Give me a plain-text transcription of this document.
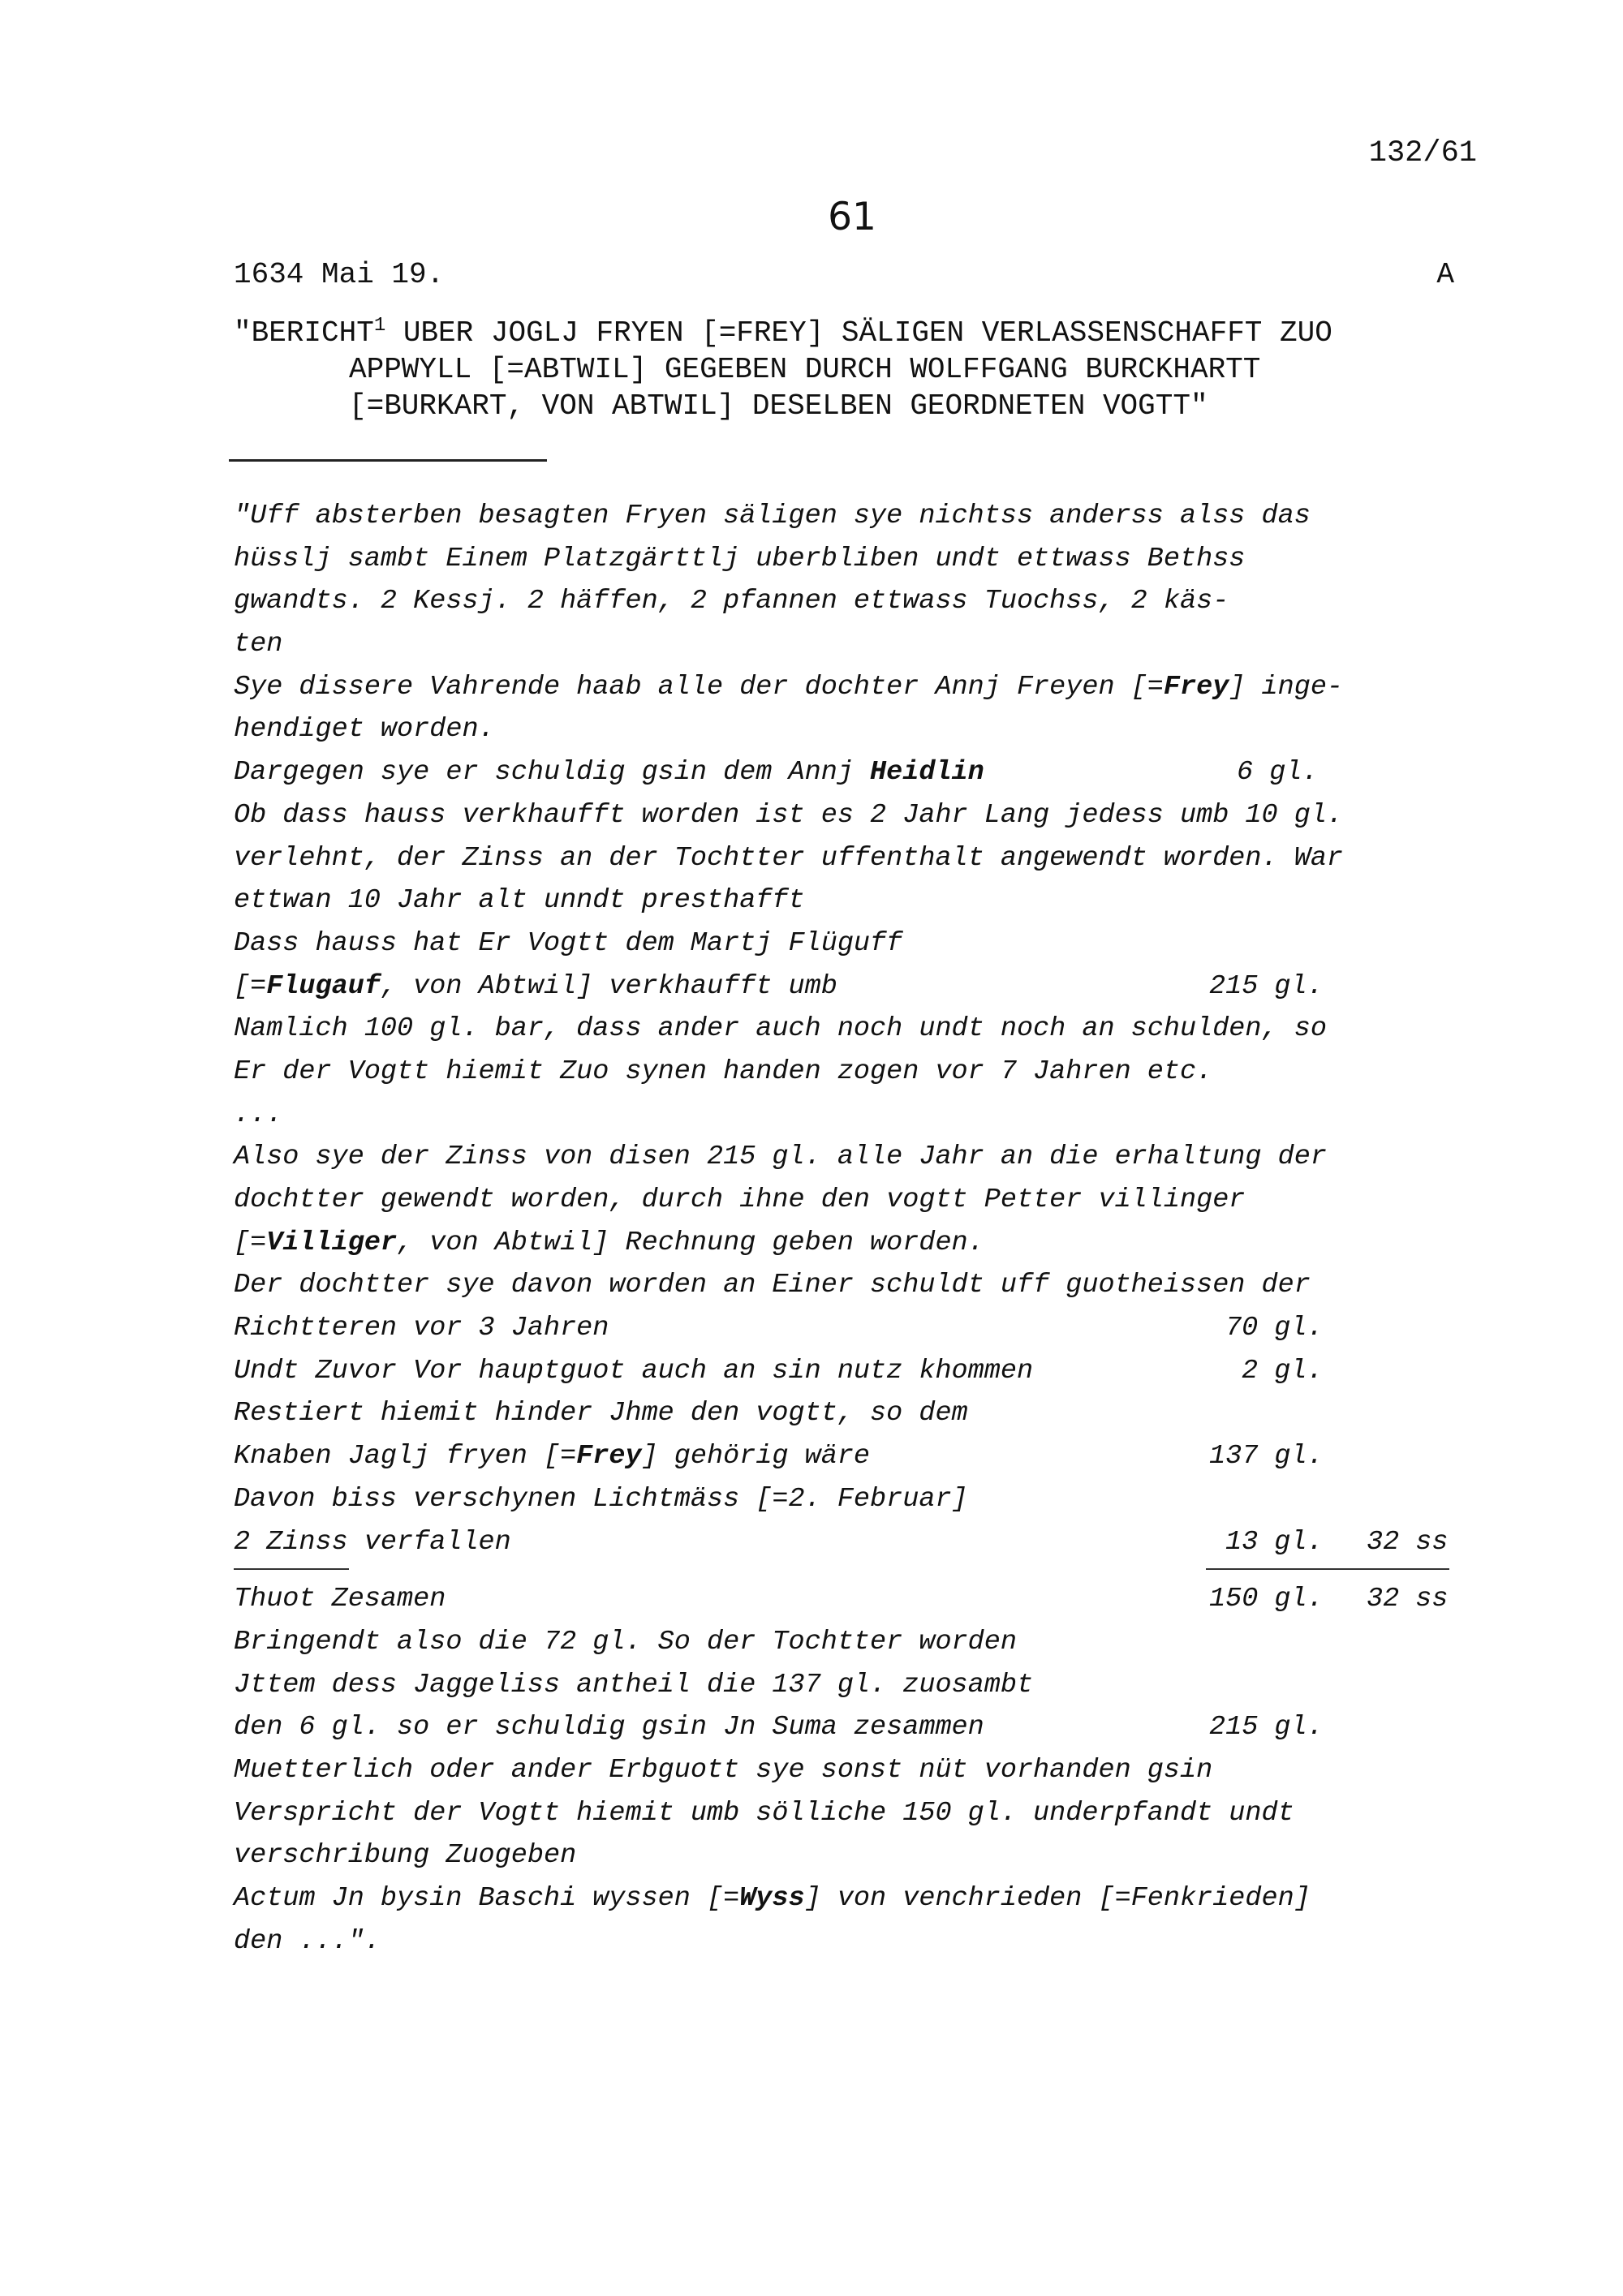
132/61
61
1634 Mai 19.	A
"BERICHT$^1$ UBER JOGLJ FRYEN [=FREY] SÄLIGEN VERLASSENSCHAFFT ZUO
APPWYLL [=ABTWIL] GEGEBEN DURCH WOLFFGANG BURCKHARTT
[=BURKART, VON ABTWIL] DESELBEN GEORDNETEN VOGTT"
"Uff absterben besagten Fryen säligen sye nichtss anderss alss das
hüsslj sambt Einem Platzgärttlj uberbliben undt ettwass Bethss
gwandts. 2 Kessj. 2 häffen, 2 pfannen ettwass Tuochss, 2 käs-
ten
Sye dissere Vahrende haab alle der dochter Annj Freyen [=Frey] inge-
hendiget worden.
Dargegen sye er schuldig gsin dem Annj Heidlin	6 gl.
Ob dass hauss verkhaufft worden ist es 2 Jahr Lang jedess umb 10 gl.
verlehnt, der Zinss an der Tochtter uffenthalt angewendt worden. War
ettwan 10 Jahr alt unndt presthafft
Dass hauss hat Er Vogtt dem Martj Flüguff
[=Flugauf, von Abtwil] verkhaufft umb	215 gl.
Namlich 100 gl. bar, dass ander auch noch undt noch an schulden, so
Er der Vogtt hiemit Zuo synen handen zogen vor 7 Jahren etc.
...
Also sye der Zinss von disen 215 gl. alle Jahr an die erhaltung der
dochtter gewendt worden, durch ihne den vogtt Petter villinger
[=Villiger, von Abtwil] Rechnung geben worden.
Der dochtter sye davon worden an Einer schuldt uff guotheissen der
Richtteren vor 3 Jahren	70 gl.
Undt Zuvor Vor hauptguot auch an sin nutz khommen	2 gl.
Restiert hiemit hinder Jhme den vogtt, so dem
Knaben Jaglj fryen [=Frey] gehörig wäre	137 gl.
Davon biss verschynen Lichtmäss [=2. Februar]
2 Zinss verfallen	13 gl. 32 ss
Thuot Zesamen	150 gl. 32 ss
Bringendt also die 72 gl. So der Tochtter worden
Jttem dess Jaggeliss antheil die 137 gl. zuosambt
den 6 gl. so er schuldig gsin Jn Suma zesammen	215 gl.
Muetterlich oder ander Erbguott sye sonst nüt vorhanden gsin
Verspricht der Vogtt hiemit umb sölliche 150 gl. underpfandt undt
verschribung Zuogeben
Actum Jn bysin Baschi wyssen [=Wyss] von venchrieden [=Fenkrieden]
den ...".
